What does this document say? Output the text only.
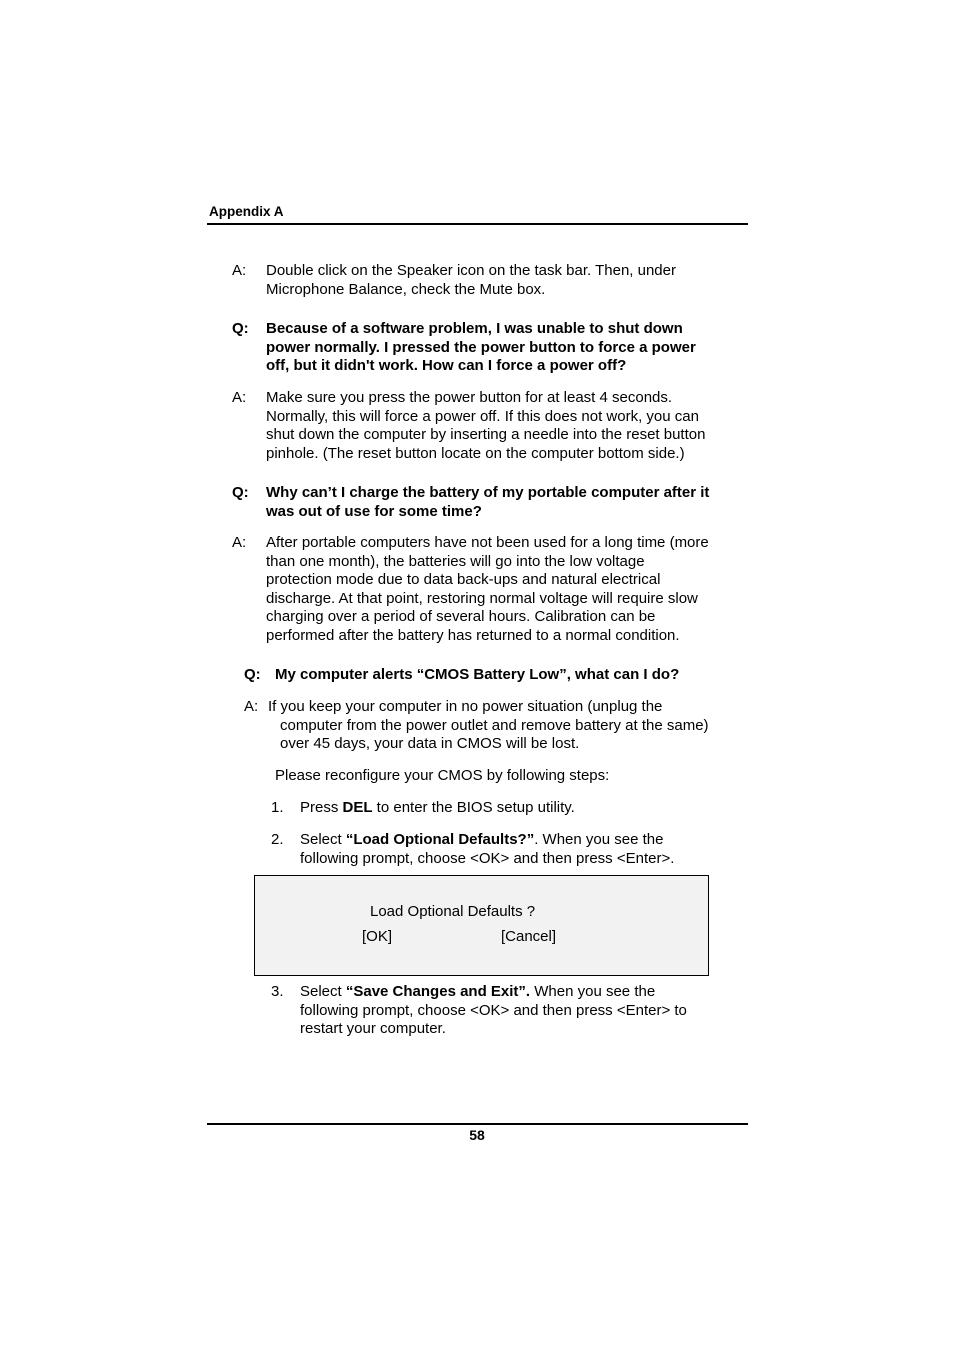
Appendix A
A: Double click on the Speaker icon on the task bar. Then, under
Microphone Balance, check the Mute box.
Q: Because of a software problem, I was unable to shut down
power normally. I pressed the power button to force a power
off, but it didn't work. How can I force a power off?
A: Make sure you press the power button for at least 4 seconds.
Normally, this will force a power off. If this does not work, you can
shut down the computer by inserting a needle into the reset button
pinhole. (The reset button locate on the computer bottom side.)
Q: Why can’t I charge the battery of my portable computer after it
was out of use for some time?
A: After portable computers have not been used for a long time (more
than one month), the batteries will go into the low voltage
protection mode due to data back-ups and natural electrical
discharge. At that point, restoring normal voltage will require slow
charging over a period of several hours. Calibration can be
performed after the battery has returned to a normal condition.
Q: My computer alerts “CMOS Battery Low”, what can I do?
A: If you keep your computer in no power situation (unplug the
computer from the power outlet and remove battery at the same)
over 45 days, your data in CMOS will be lost.
Please reconfigure your CMOS by following steps:
1. Press DEL to enter the BIOS setup utility.
2. Select “Load Optional Defaults?”. When you see the
following prompt, choose <OK> and then press <Enter>.
Load Optional Defaults ?
[OK]	[Cancel]
3. Select “Save Changes and Exit”. When you see the
following prompt, choose <OK> and then press <Enter> to
restart your computer.
58
